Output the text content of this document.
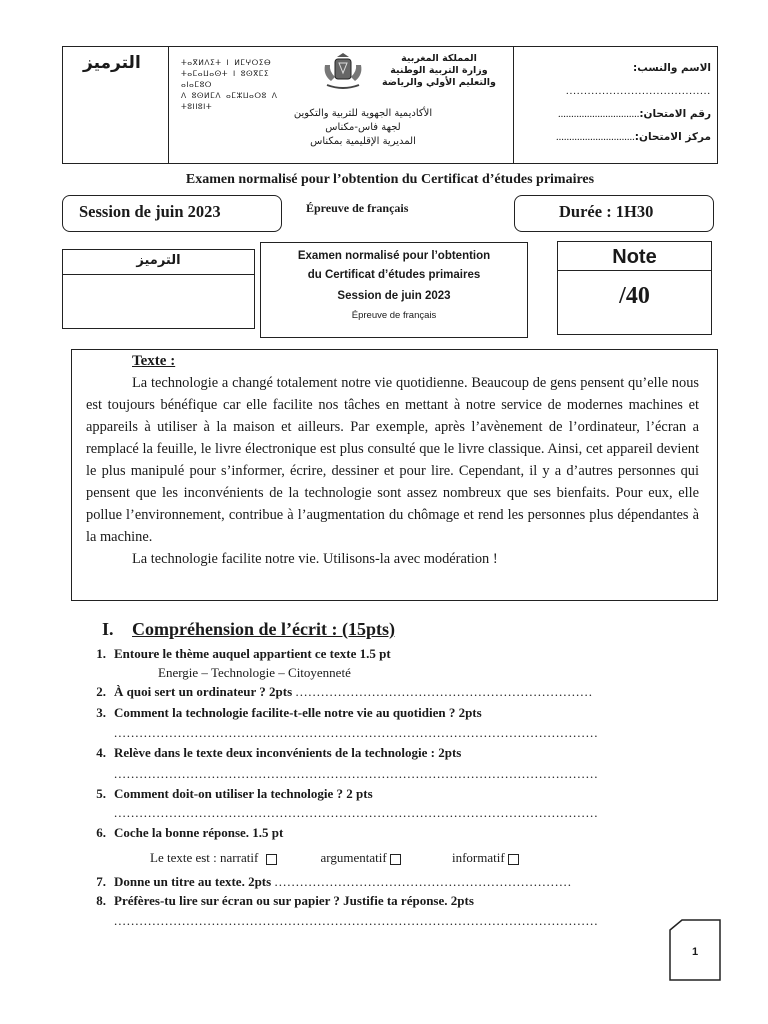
الترميز	ⵜⴰⴳⵍⴷⵉⵜ ⵏ ⵍⵎⵖⵔⵉⴱ
ⵜⴰⵎⴰⵡⴰⵙⵜ ⵏ ⵓⵙⴳⵎⵉ ⴰⵏⴰⵎⵓⵔ
ⴷ ⵓⵙⵍⵎⴷ ⴰⵎⵣⵡⴰⵔⵓ ⴷ ⵜⵓⵏⵏⵓⵏⵜ
المملكة المغربية
وزارة التربية الوطنية
والتعليم الأولي والرياضة
الأكاديمية الجهوية للتربية والتكوين
لجهة فاس-مكناس
المديرية الإقليمية بمكناس
الاسم والنسب:
........................................
رقم الامتحان:...............................
مركز الامتحان:..............................
Examen normalisé pour l’obtention du Certificat d’études primaires
Session de juin 2023	Épreuve de français	Durée : 1H30
الترميز	Examen normalisé pour l’obtention
du Certificat d’études primaires
Session de juin 2023
Épreuve de français
Note
/40
Texte :

La technologie a changé totalement notre vie quotidienne. Beaucoup de gens pensent qu’elle nous est toujours bénéfique car elle facilite nos tâches en mettant à notre service de modernes machines et appareils à utiliser à la maison et ailleurs. Par exemple, après l’avènement de l’ordinateur, l’écran a remplacé la feuille, le livre électronique est plus consulté que le livre classique. Ainsi, cet appareil devient le plus manipulé pour s’informer, écrire, dessiner et pour lire. Cependant, il y a d’autres personnes qui pensent que les inconvénients de la technologie sont assez nombreux que ses bienfaits. Pour eux, elle pollue l’environnement, contribue à l’augmentation du chômage et rend les personnes plus dépendantes à la machine.

La technologie facilite notre vie. Utilisons-la avec modération !

I. Compréhension de l’écrit : (15pts)
1. Entoure le thème auquel appartient ce texte 1.5 pt
Energie – Technologie – Citoyenneté
2. À quoi sert un ordinateur ? 2pts ......................................................................
3. Comment la technologie facilite-t-elle notre vie au quotidien ? 2pts
..................................................................................................................
4. Relève dans le texte deux inconvénients de la technologie : 2pts
..................................................................................................................
5. Comment doit-on utiliser la technologie ? 2 pts
..................................................................................................................
6. Coche la bonne réponse. 1.5 pt
Le texte est : narratif	argumentatif	informatif
7. Donne un titre au texte. 2pts ......................................................................
8. Préfères-tu lire sur écran ou sur papier ? Justifie ta réponse. 2pts
..................................................................................................................
1
